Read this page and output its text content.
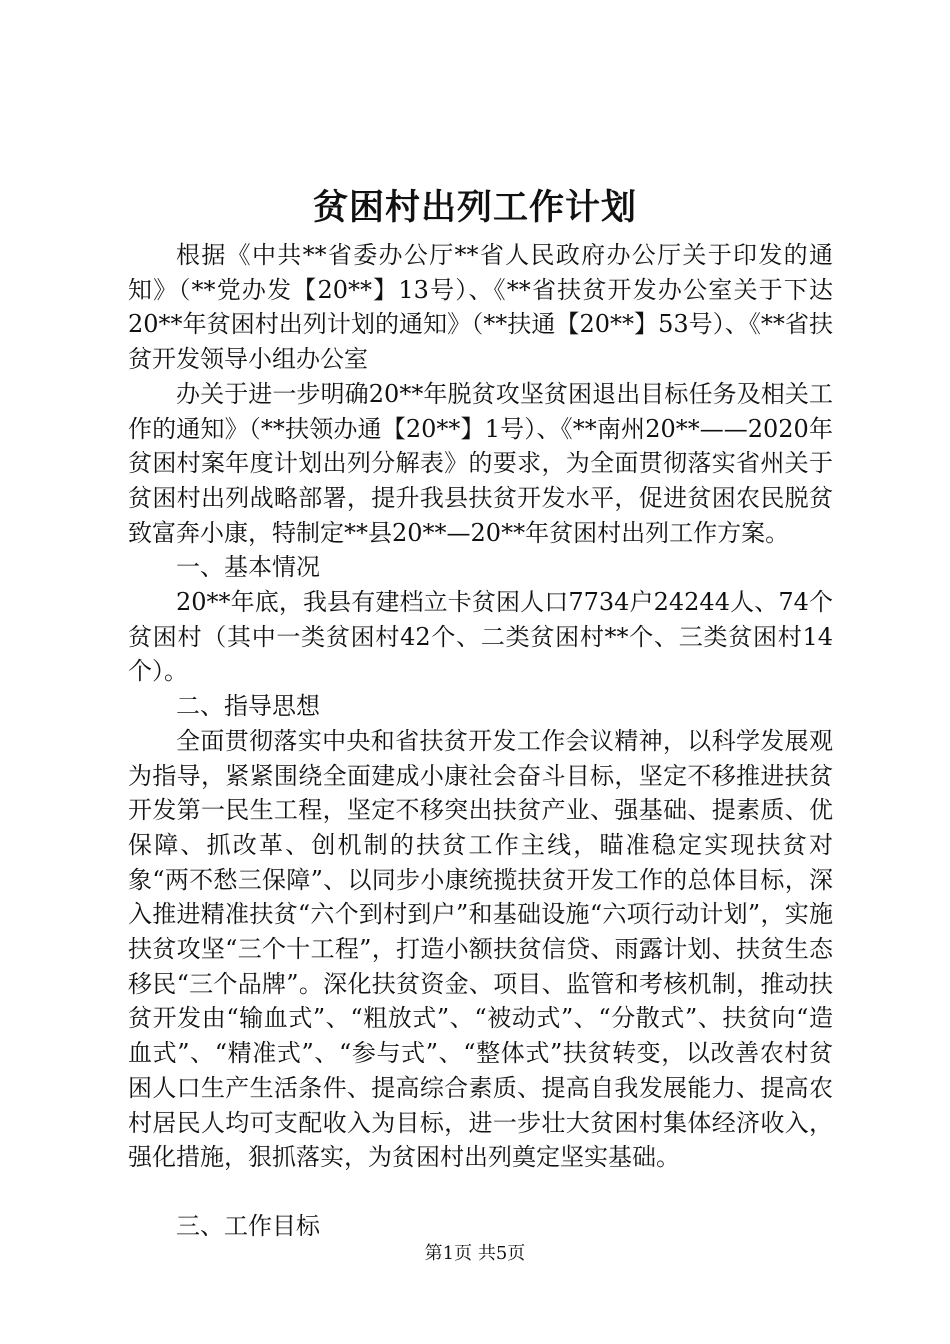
贫困村出列工作计划

根据《中共**省委办公厅**省人民政府办公厅关于印发的通知》（**党办发【20**】13号）、《**省扶贫开发办公室关于下达20**年贫困村出列计划的通知》（**扶通【20**】53号）、《**省扶贫开发领导小组办公室

办关于进一步明确20**年脱贫攻坚贫困退出目标任务及相关工作的通知》（**扶领办通【20**】1号）、《**南州20**——2020年贫困村案年度计划出列分解表》的要求，为全面贯彻落实省州关于贫困村出列战略部署，提升我县扶贫开发水平，促进贫困农民脱贫致富奔小康，特制定**县20**—20**年贫困村出列工作方案。

一、基本情况

20**年底，我县有建档立卡贫困人口7734户24244人、74个贫困村（其中一类贫困村42个、二类贫困村**个、三类贫困村14个）。

二、指导思想

全面贯彻落实中央和省扶贫开发工作会议精神，以科学发展观为指导，紧紧围绕全面建成小康社会奋斗目标，坚定不移推进扶贫开发第一民生工程，坚定不移突出扶贫产业、强基础、提素质、优保障、抓改革、创机制的扶贫工作主线，瞄准稳定实现扶贫对象“两不愁三保障”、以同步小康统揽扶贫开发工作的总体目标，深入推进精准扶贫“六个到村到户”和基础设施“六项行动计划”，实施扶贫攻坚“三个十工程”，打造小额扶贫信贷、雨露计划、扶贫生态移民“三个品牌”。深化扶贫资金、项目、监管和考核机制，推动扶贫开发由“输血式”、“粗放式”、“被动式”、“分散式”、扶贫向“造血式”、“精准式”、“参与式”、“整体式”扶贫转变，以改善农村贫困人口生产生活条件、提高综合素质、提高自我发展能力、提高农村居民人均可支配收入为目标，进一步壮大贫困村集体经济收入，强化措施，狠抓落实，为贫困村出列奠定坚实基础。

三、工作目标

第1页 共5页
